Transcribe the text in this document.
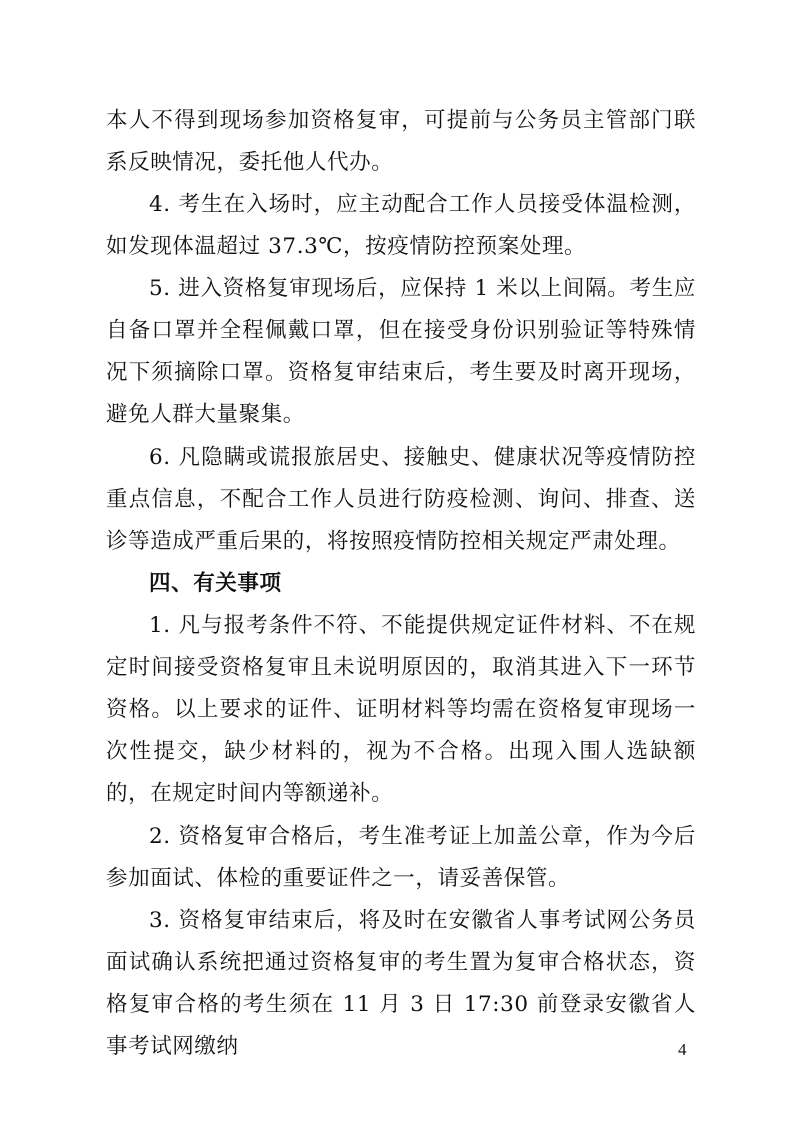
本人不得到现场参加资格复审，可提前与公务员主管部门联系反映情况，委托他人代办。

4. 考生在入场时，应主动配合工作人员接受体温检测，如发现体温超过 37.3℃，按疫情防控预案处理。

5. 进入资格复审现场后，应保持 1 米以上间隔。考生应自备口罩并全程佩戴口罩，但在接受身份识别验证等特殊情况下须摘除口罩。资格复审结束后，考生要及时离开现场，避免人群大量聚集。

6. 凡隐瞒或谎报旅居史、接触史、健康状况等疫情防控重点信息，不配合工作人员进行防疫检测、询问、排查、送诊等造成严重后果的，将按照疫情防控相关规定严肃处理。

四、有关事项

1. 凡与报考条件不符、不能提供规定证件材料、不在规定时间接受资格复审且未说明原因的，取消其进入下一环节资格。以上要求的证件、证明材料等均需在资格复审现场一次性提交，缺少材料的，视为不合格。出现入围人选缺额的，在规定时间内等额递补。

2. 资格复审合格后，考生准考证上加盖公章，作为今后参加面试、体检的重要证件之一，请妥善保管。

3. 资格复审结束后，将及时在安徽省人事考试网公务员面试确认系统把通过资格复审的考生置为复审合格状态，资格复审合格的考生须在 11 月 3 日 17:30 前登录安徽省人事考试网缴纳	4
